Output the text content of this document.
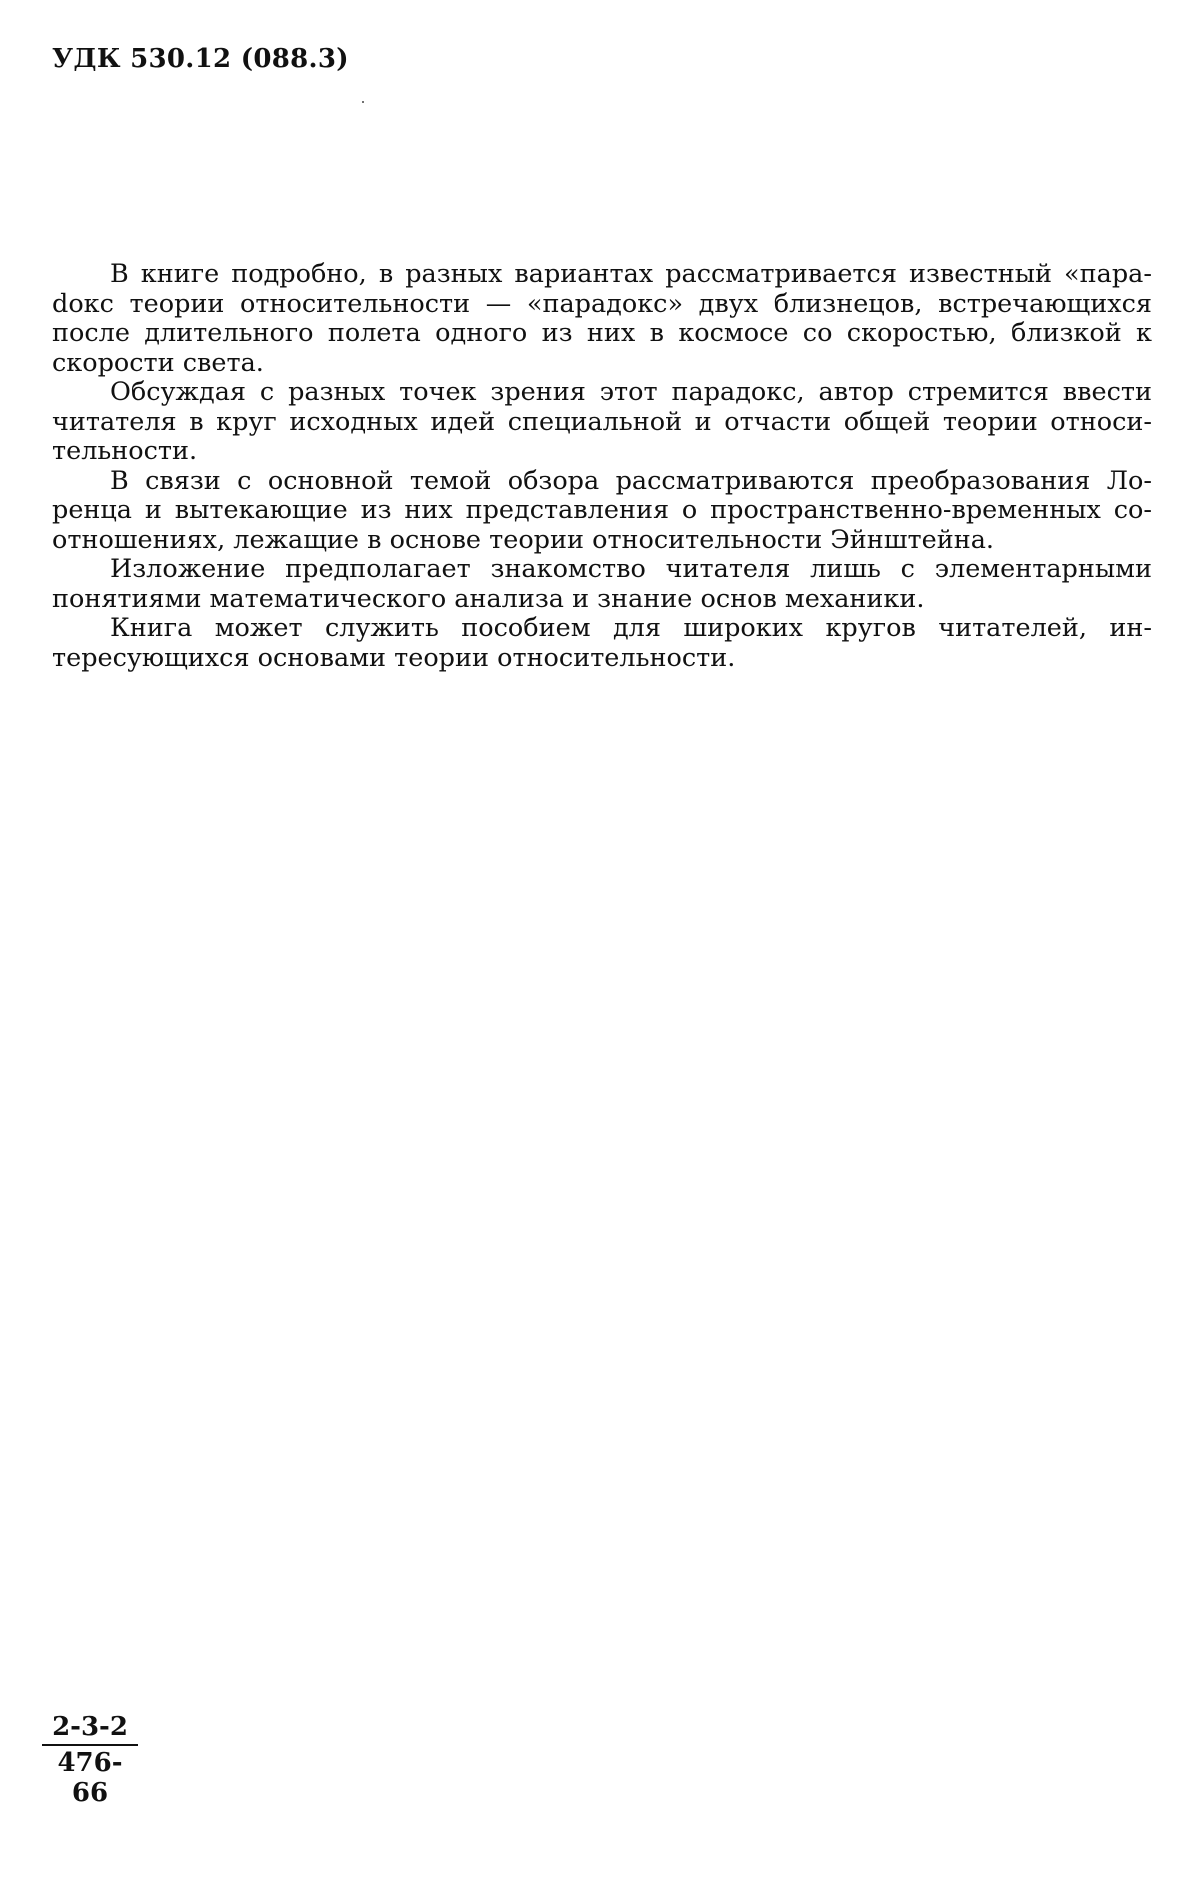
УДК 530.12 (088.3)

В книге подробно, в разных вариантах рассматривается известный «параdокс теории относительности — «парадокс» двух близнецов, встречающихся после длительного полета одного из них в космосе со скоростью, близкой к скорости света.

Обсуждая с разных точек зрения этот парадокс, автор стремится ввести читателя в круг исходных идей специальной и отчасти общей теории относительности.

В связи с основной темой обзора рассматриваются преобразования Лоренца и вытекающие из них представления о пространственно-временных соотношениях, лежащие в основе теории относительности Эйнштейна.

Изложение предполагает знакомство читателя лишь с элементарными понятиями математического анализа и знание основ механики.

Книга может служить пособием для широких кругов читателей, интересующихся основами теории относительности.

2-3-2
476-66
